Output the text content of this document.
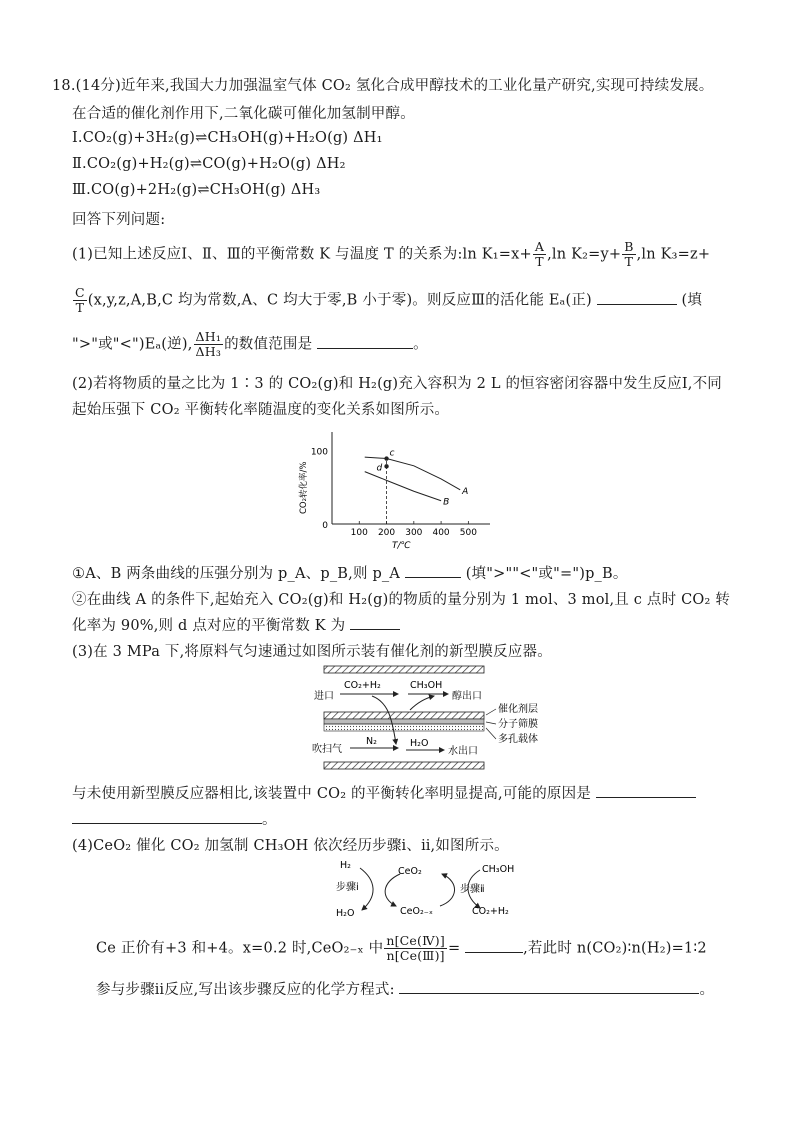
18.(14分)近年来,我国大力加强温室气体 CO₂ 氢化合成甲醇技术的工业化量产研究,实现可持续发展。
在合适的催化剂作用下,二氧化碳可催化加氢制甲醇。
Ⅰ.CO₂(g)+3H₂(g)⇌CH₃OH(g)+H₂O(g) ΔH₁
Ⅱ.CO₂(g)+H₂(g)⇌CO(g)+H₂O(g) ΔH₂
Ⅲ.CO(g)+2H₂(g)⇌CH₃OH(g) ΔH₃
回答下列问题:
(1)已知上述反应Ⅰ、Ⅱ、Ⅲ的平衡常数 K 与温度 T 的关系为:ln $K_1=x+ \frac{A}{T} ,\ln$ $K_2=y+ \frac{B}{T} ,\ln$ K₃=z+
$\frac{C}{T} (x,y,z,A,B,C$ 均为常数,A、C 均大于零,B 小于零)。则反应Ⅲ的活化能 Eₐ(正)	(填
">"或"<")Eₐ(逆), $\frac{\text{ΔH₁}}{\text{ΔH₃}}$ 的数值范围是	。
(2)若将物质的量之比为 1∶3 的 CO₂(g)和 H₂(g)充入容积为 2 L 的恒容密闭容器中发生反应Ⅰ,不同
起始压强下 CO₂ 平衡转化率随温度的变化关系如图所示。
100 200 300 400 500
T/℃
100
0
CO₂转化率/%	A
B
c
d
①A、B 两条曲线的压强分别为 p_A、p_B,则 p_A	(填">""<"或"=")p_B。
②在曲线 A 的条件下,起始充入 CO₂(g)和 H₂(g)的物质的量分别为 1 mol、3 mol,且 c 点时 CO₂ 转
化率为 90%,则 d 点对应的平衡常数 K 为
(3)在 3 MPa 下,将原料气匀速通过如图所示装有催化剂的新型膜反应器。
进口
CO₂+H₂	CH₃OH
醇出口
催化剂层
分子筛膜
多孔载体
吹扫气
N₂	H₂O
水出口
与未使用新型膜反应器相比,该装置中 CO₂ 的平衡转化率明显提高,可能的原因是
。
(4)CeO₂ 催化 CO₂ 加氢制 CH₃OH 依次经历步骤ⅰ、ⅱ,如图所示。
H₂
步骤ⅰ
H₂O
CeO₂
CeO₂₋ₓ
CH₃OH
步骤ⅱ
CO₂+H₂
Ce 正价有+3 和+4。x=0.2 时,CeO₂₋ₓ 中 $\frac{\text{n[Ce(Ⅳ)]}}{\text{n[Ce(Ⅲ)]}}$ =	,若此时 n(CO₂)∶n(H₂)=1∶2
参与步骤ⅱ反应,写出该步骤反应的化学方程式:	。
